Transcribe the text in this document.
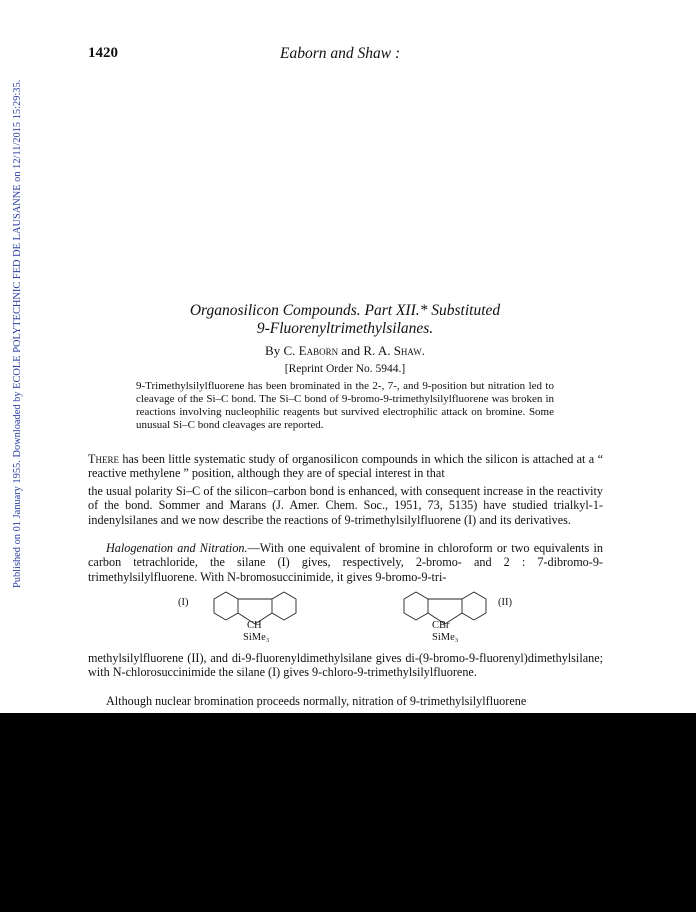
Published on 01 January 1955. Downloaded by ECOLE POLYTECHNIC FED DE LAUSANNE on 12/11/2015 15:29:35.
1420	Eaborn and Shaw :
Organosilicon Compounds. Part XII.* Substituted
9-Fluorenyltrimethylsilanes.
By C. Eaborn and R. A. Shaw.
[Reprint Order No. 5944.]
9-Trimethylsilylfluorene has been brominated in the 2-, 7-, and 9-position but nitration led to cleavage of the Si–C bond. The Si–C bond of 9-bromo-9-trimethylsilylfluorene was broken in reactions involving nucleophilic reagents but survived electrophilic attack on bromine. Some unusual Si–C bond cleavages are reported.
There has been little systematic study of organosilicon compounds in which the silicon is attached at a “ reactive methylene ” position, although they are of special interest in that
the usual polarity Si–C of the silicon–carbon bond is enhanced, with consequent increase in the reactivity of the bond. Sommer and Marans (J. Amer. Chem. Soc., 1951, 73, 5135) have studied trialkyl-1-indenylsilanes and we now describe the reactions of 9-trimethylsilylfluorene (I) and its derivatives.
Halogenation and Nitration.—With one equivalent of bromine in chloroform or two equivalents in carbon tetrachloride, the silane (I) gives, respectively, 2-bromo- and 2 : 7-dibromo-9-trimethylsilylfluorene. With N-bromosuccinimide, it gives 9-bromo-9-tri-
(I)
CH
SiMe₃
(II)
CBr
SiMe₃
methylsilylfluorene (II), and di-9-fluorenyldimethylsilane gives di-(9-bromo-9-fluorenyl)dimethylsilane; with N-chlorosuccinimide the silane (I) gives 9-chloro-9-trimethylsilylfluorene.
Although nuclear bromination proceeds normally, nitration of 9-trimethylsilylfluorene
